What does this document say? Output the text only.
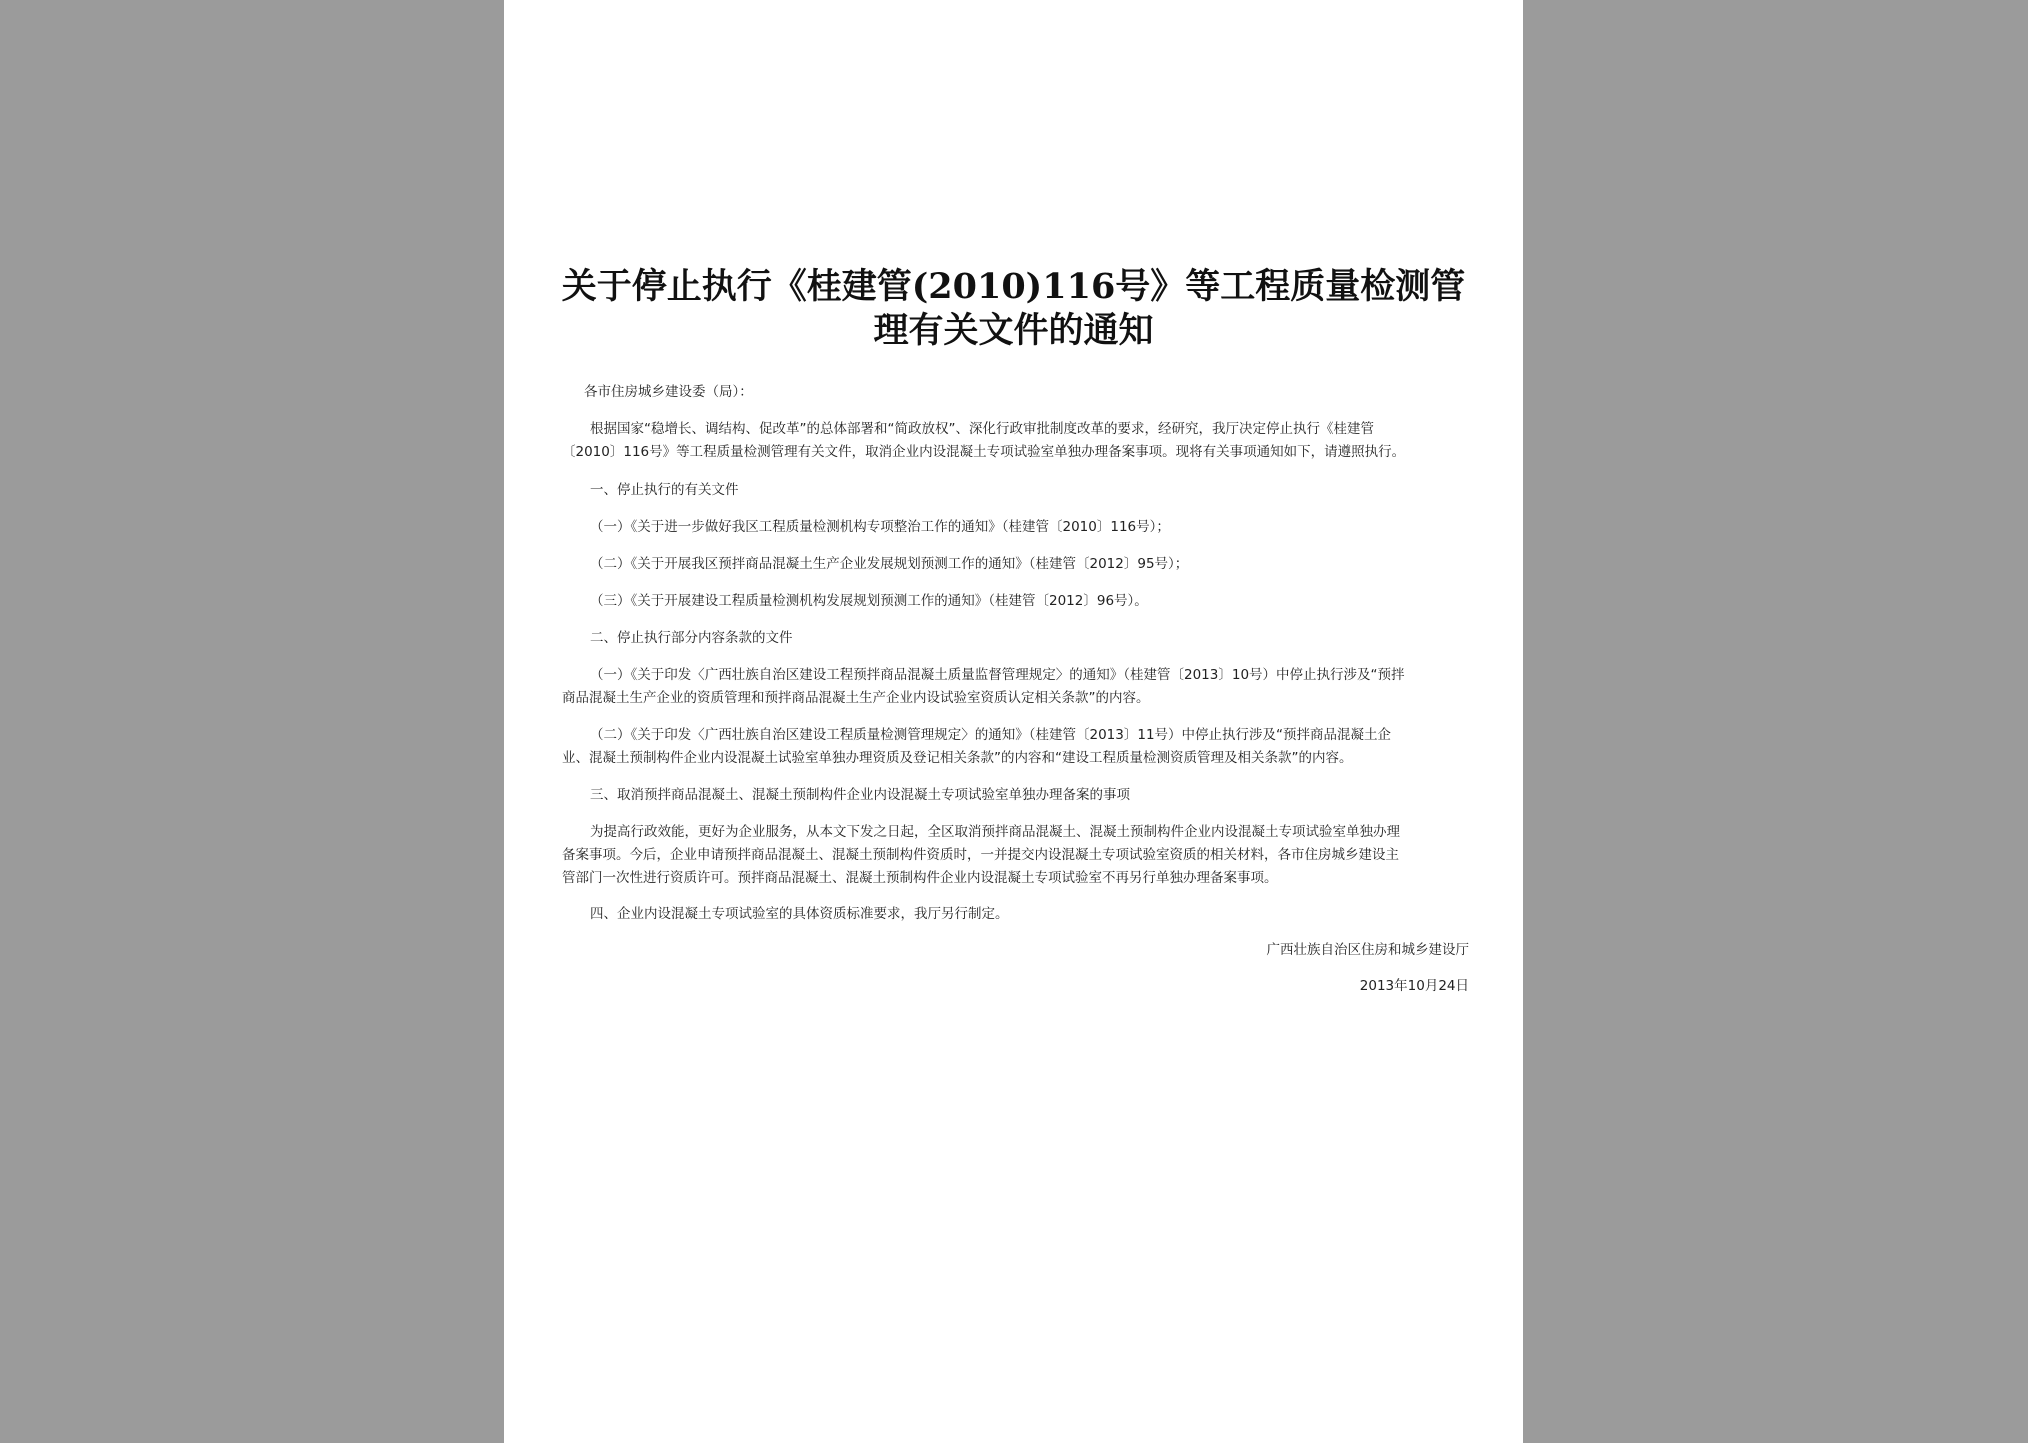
关于停止执行《桂建管(2010)116号》等工程质量检测管
理有关文件的通知
各市住房城乡建设委（局）：
根据国家“稳增长、调结构、促改革”的总体部署和“简政放权”、深化行政审批制度改革的要求，经研究，我厅决定停止执行《桂建管
〔2010〕116号》等工程质量检测管理有关文件，取消企业内设混凝土专项试验室单独办理备案事项。现将有关事项通知如下，请遵照执行。
一、停止执行的有关文件
（一）《关于进一步做好我区工程质量检测机构专项整治工作的通知》（桂建管〔2010〕116号）；
（二）《关于开展我区预拌商品混凝土生产企业发展规划预测工作的通知》（桂建管〔2012〕95号）；
（三）《关于开展建设工程质量检测机构发展规划预测工作的通知》（桂建管〔2012〕96号）。
二、停止执行部分内容条款的文件
（一）《关于印发〈广西壮族自治区建设工程预拌商品混凝土质量监督管理规定〉的通知》（桂建管〔2013〕10号）中停止执行涉及“预拌
商品混凝土生产企业的资质管理和预拌商品混凝土生产企业内设试验室资质认定相关条款”的内容。
（二）《关于印发〈广西壮族自治区建设工程质量检测管理规定〉的通知》（桂建管〔2013〕11号）中停止执行涉及“预拌商品混凝土企
业、混凝土预制构件企业内设混凝土试验室单独办理资质及登记相关条款”的内容和“建设工程质量检测资质管理及相关条款”的内容。
三、取消预拌商品混凝土、混凝土预制构件企业内设混凝土专项试验室单独办理备案的事项
为提高行政效能，更好为企业服务，从本文下发之日起，全区取消预拌商品混凝土、混凝土预制构件企业内设混凝土专项试验室单独办理
备案事项。今后，企业申请预拌商品混凝土、混凝土预制构件资质时，一并提交内设混凝土专项试验室资质的相关材料，各市住房城乡建设主
管部门一次性进行资质许可。预拌商品混凝土、混凝土预制构件企业内设混凝土专项试验室不再另行单独办理备案事项。
四、企业内设混凝土专项试验室的具体资质标准要求，我厅另行制定。
广西壮族自治区住房和城乡建设厅
2013年10月24日
